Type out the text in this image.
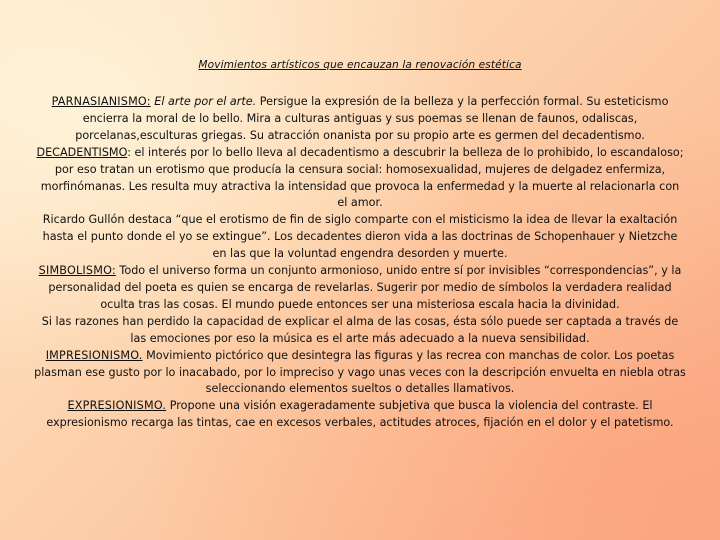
Movimientos artísticos que encauzan la renovación estética

PARNASIANISMO: El arte por el arte. Persigue la expresión de la belleza y la perfección formal. Su esteticismo encierra la moral de lo bello. Mira a culturas antiguas y sus poemas se llenan de faunos, odaliscas, porcelanas,esculturas griegas. Su atracción onanista por su propio arte es germen del decadentismo.

DECADENTISMO: el interés por lo bello lleva al decadentismo a descubrir la belleza de lo prohibido, lo escandaloso; por eso tratan un erotismo que producía la censura social: homosexualidad, mujeres de delgadez enfermiza, morfinómanas. Les resulta muy atractiva la intensidad que provoca la enfermedad y la muerte al relacionarla con el amor.

Ricardo Gullón destaca “que el erotismo de fin de siglo comparte con el misticismo la idea de llevar la exaltación hasta el punto donde el yo se extingue”. Los decadentes dieron vida a las doctrinas de Schopenhauer y Nietzche en las que la voluntad engendra desorden y muerte.

SIMBOLISMO: Todo el universo forma un conjunto armonioso, unido entre sí por invisibles “correspondencias”, y la personalidad del poeta es quien se encarga de revelarlas. Sugerir por medio de símbolos la verdadera realidad oculta tras las cosas. El mundo puede entonces ser una misteriosa escala hacia la divinidad.

Si las razones han perdido la capacidad de explicar el alma de las cosas, ésta sólo puede ser captada a través de las emociones por eso la música es el arte más adecuado a la nueva sensibilidad.

IMPRESIONISMO. Movimiento pictórico que desintegra las figuras y las recrea con manchas de color. Los poetas plasman ese gusto por lo inacabado, por lo impreciso y vago unas veces con la descripción envuelta en niebla otras seleccionando elementos sueltos o detalles llamativos.

EXPRESIONISMO. Propone una visión exageradamente subjetiva que busca la violencia del contraste. El expresionismo recarga las tintas, cae en excesos verbales, actitudes atroces, fijación en el dolor y el patetismo.
